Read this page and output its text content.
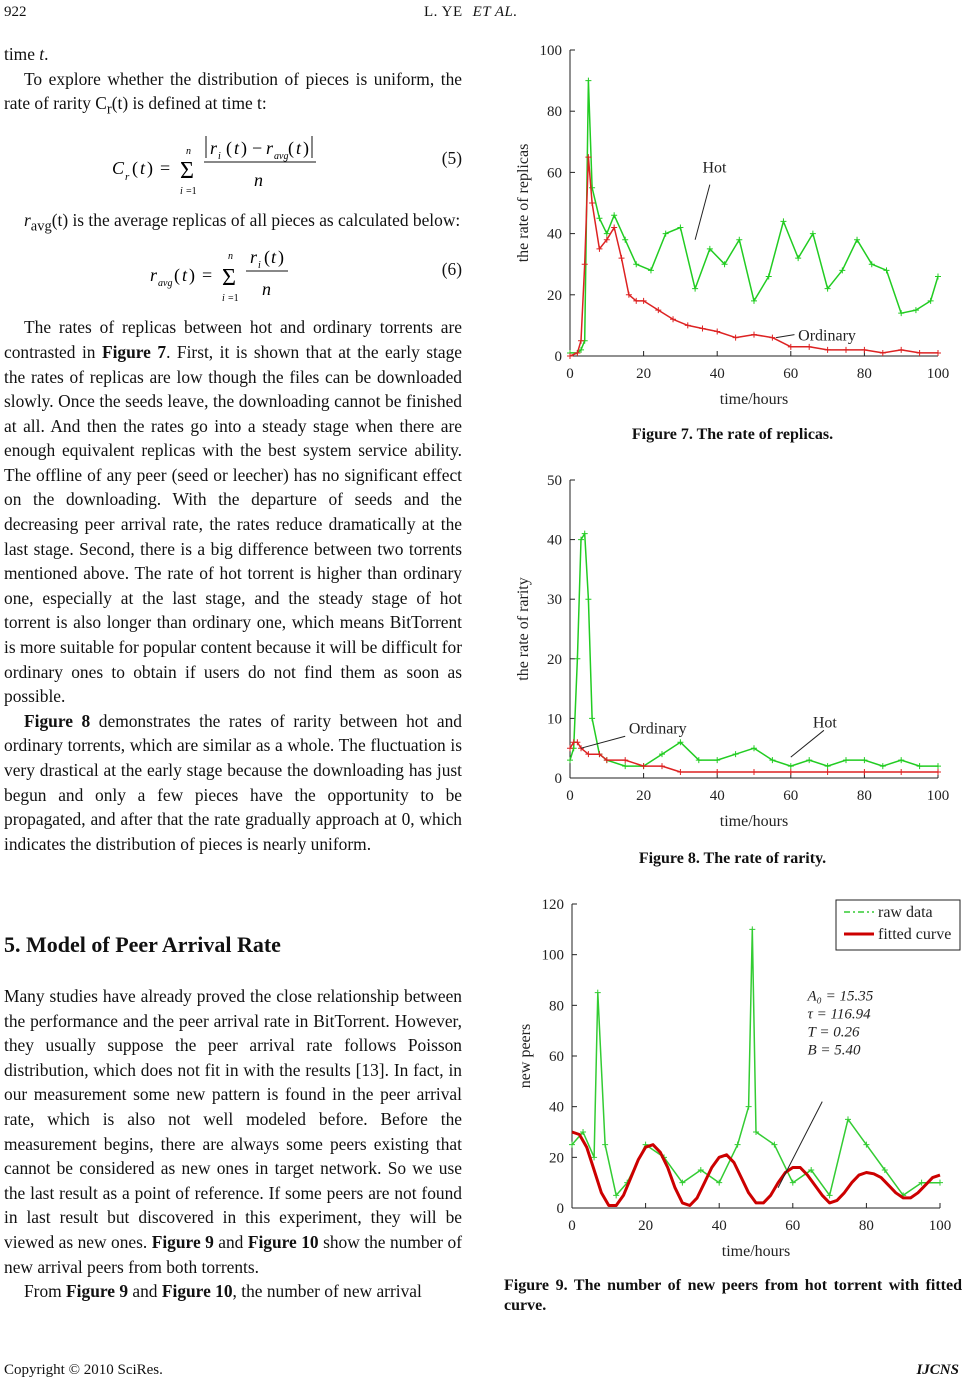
922	L. YE ET AL.

time t.

To explore whether the distribution of pieces is uniform, the rate of rarity $C_r(t)$ is defined at time t:

C r ( t ) = Σ
n
i =1
r i ( t ) − r avg ( t )
n
(5)

$r_{avg}(t)$ is the average replicas of all pieces as calculated below:

r avg ( t ) = Σ
n
i =1
r i ( t )
n
(6)

The rates of replicas between hot and ordinary torrents are contrasted in Figure 7. First, it is shown that at the early stage the rates of replicas are low though the files can be downloaded slowly. Once the seeds leave, the downloading cannot be finished at all. And then the rates go into a steady stage when there are enough equivalent replicas with the best system service ability. The offline of any peer (seed or leecher) has no significant effect on the downloading. With the departure of seeds and the decreasing peer arrival rate, the rates reduce dramatically at the last stage. Second, there is a big difference between two torrents mentioned above. The rate of hot torrent is higher than ordinary one, especially at the last stage, and the steady stage of hot torrent is also longer than ordinary one, which means BitTorrent is more suitable for popular content because it will be difficult for ordinary ones to obtain if users do not find them as soon as possible.

Figure 8 demonstrates the rates of rarity between hot and ordinary torrents, which are similar as a whole. The fluctuation is very drastical at the early stage because the downloading has just begun and only a few pieces have the opportunity to be propagated, and after that the rate gradually approach at 0, which indicates the distribution of pieces is nearly uniform.

5. Model of Peer Arrival Rate

Many studies have already proved the close relationship between the performance and the peer arrival rate in BitTorrent. However, they usually suppose the peer arrival rate follows Poisson distribution, which does not fit in with the results [13]. In fact, in our measurement some new pattern is found in the peer arrival rate, which is also not well modeled before. Before the measurement begins, there are always some peers existing that cannot be considered as new ones in target network. So we use the last result as a point of reference. If some peers are not found in last result but discovered in this experiment, they will be viewed as new ones. Figure 9 and Figure 10 show the number of new arrival peers from both torrents.

From Figure 9 and Figure 10, the number of new arrival

0	20	40	60	80	100
0
20
40
60
80
100
time/hours
the rate of replicas	Hot
Ordinary
Figure 7. The rate of replicas.
0	20	40	60	80	100
0
10
20
30
40
50
time/hours
the rate of rarity
Ordinary	Hot
Figure 8. The rate of rarity.
0	20	40	60	80	100
0
20
40
60
80
100
120
time/hours
new peers
raw data
fitted curve
A₀ = 15.35
τ = 116.94
T = 0.26
B = 5.40
Figure 9. The number of new peers from hot torrent with fitted curve.
Copyright © 2010 SciRes.	IJCNS
